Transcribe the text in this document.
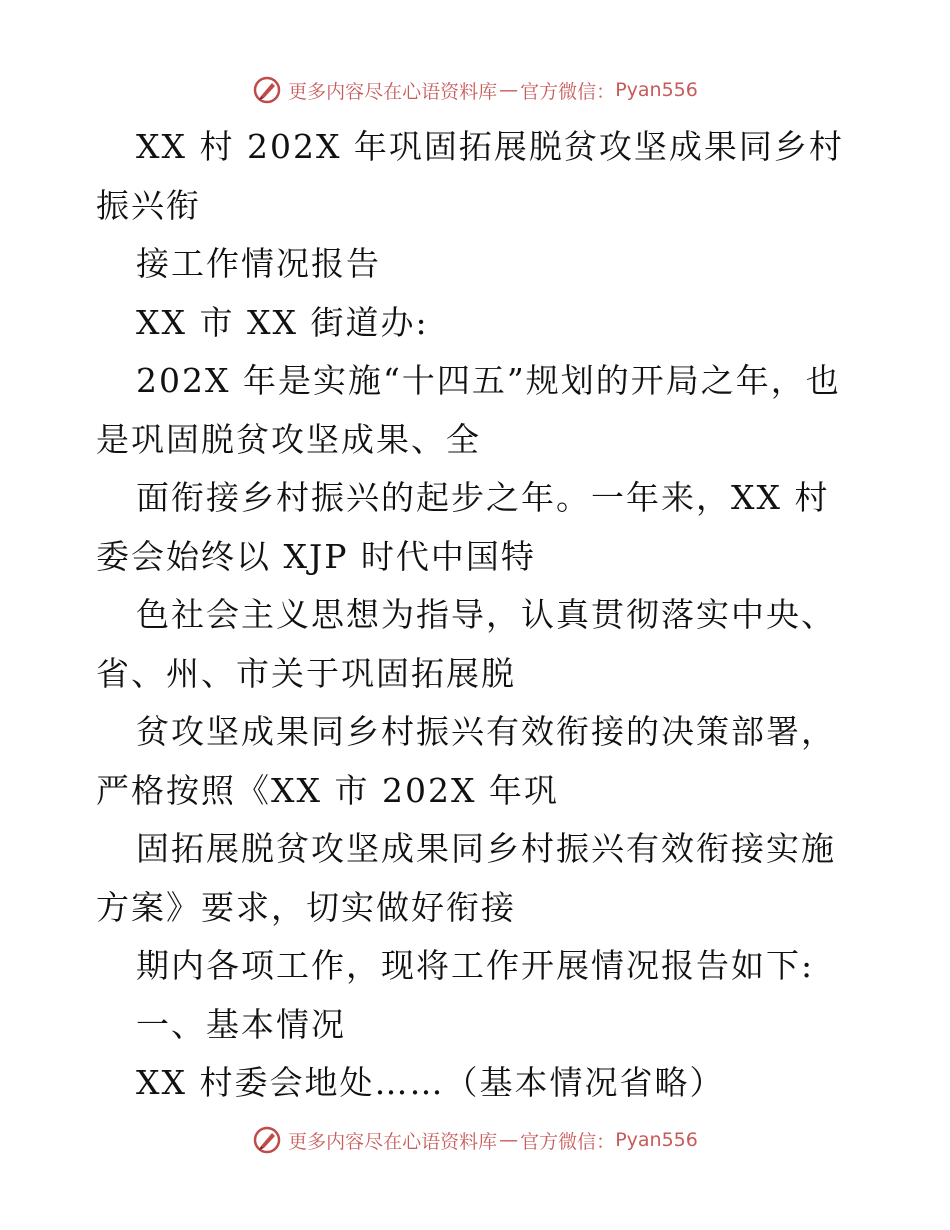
更多内容尽在心语资料库 — 官方微信： Pyan556

XX 村 202X 年巩固拓展脱贫攻坚成果同乡村振兴衔

接工作情况报告

XX 市 XX 街道办:

202X 年是实施“十四五”规划的开局之年，也是巩固脱贫攻坚成果、全

面衔接乡村振兴的起步之年。一年来，XX 村委会始终以 XJP 时代中国特

色社会主义思想为指导，认真贯彻落实中央、省、州、市关于巩固拓展脱

贫攻坚成果同乡村振兴有效衔接的决策部署，严格按照《XX 市 202X 年巩

固拓展脱贫攻坚成果同乡村振兴有效衔接实施方案》要求，切实做好衔接

期内各项工作，现将工作开展情况报告如下:

一、基本情况

XX 村委会地处……（基本情况省略）

更多内容尽在心语资料库 — 官方微信： Pyan556
